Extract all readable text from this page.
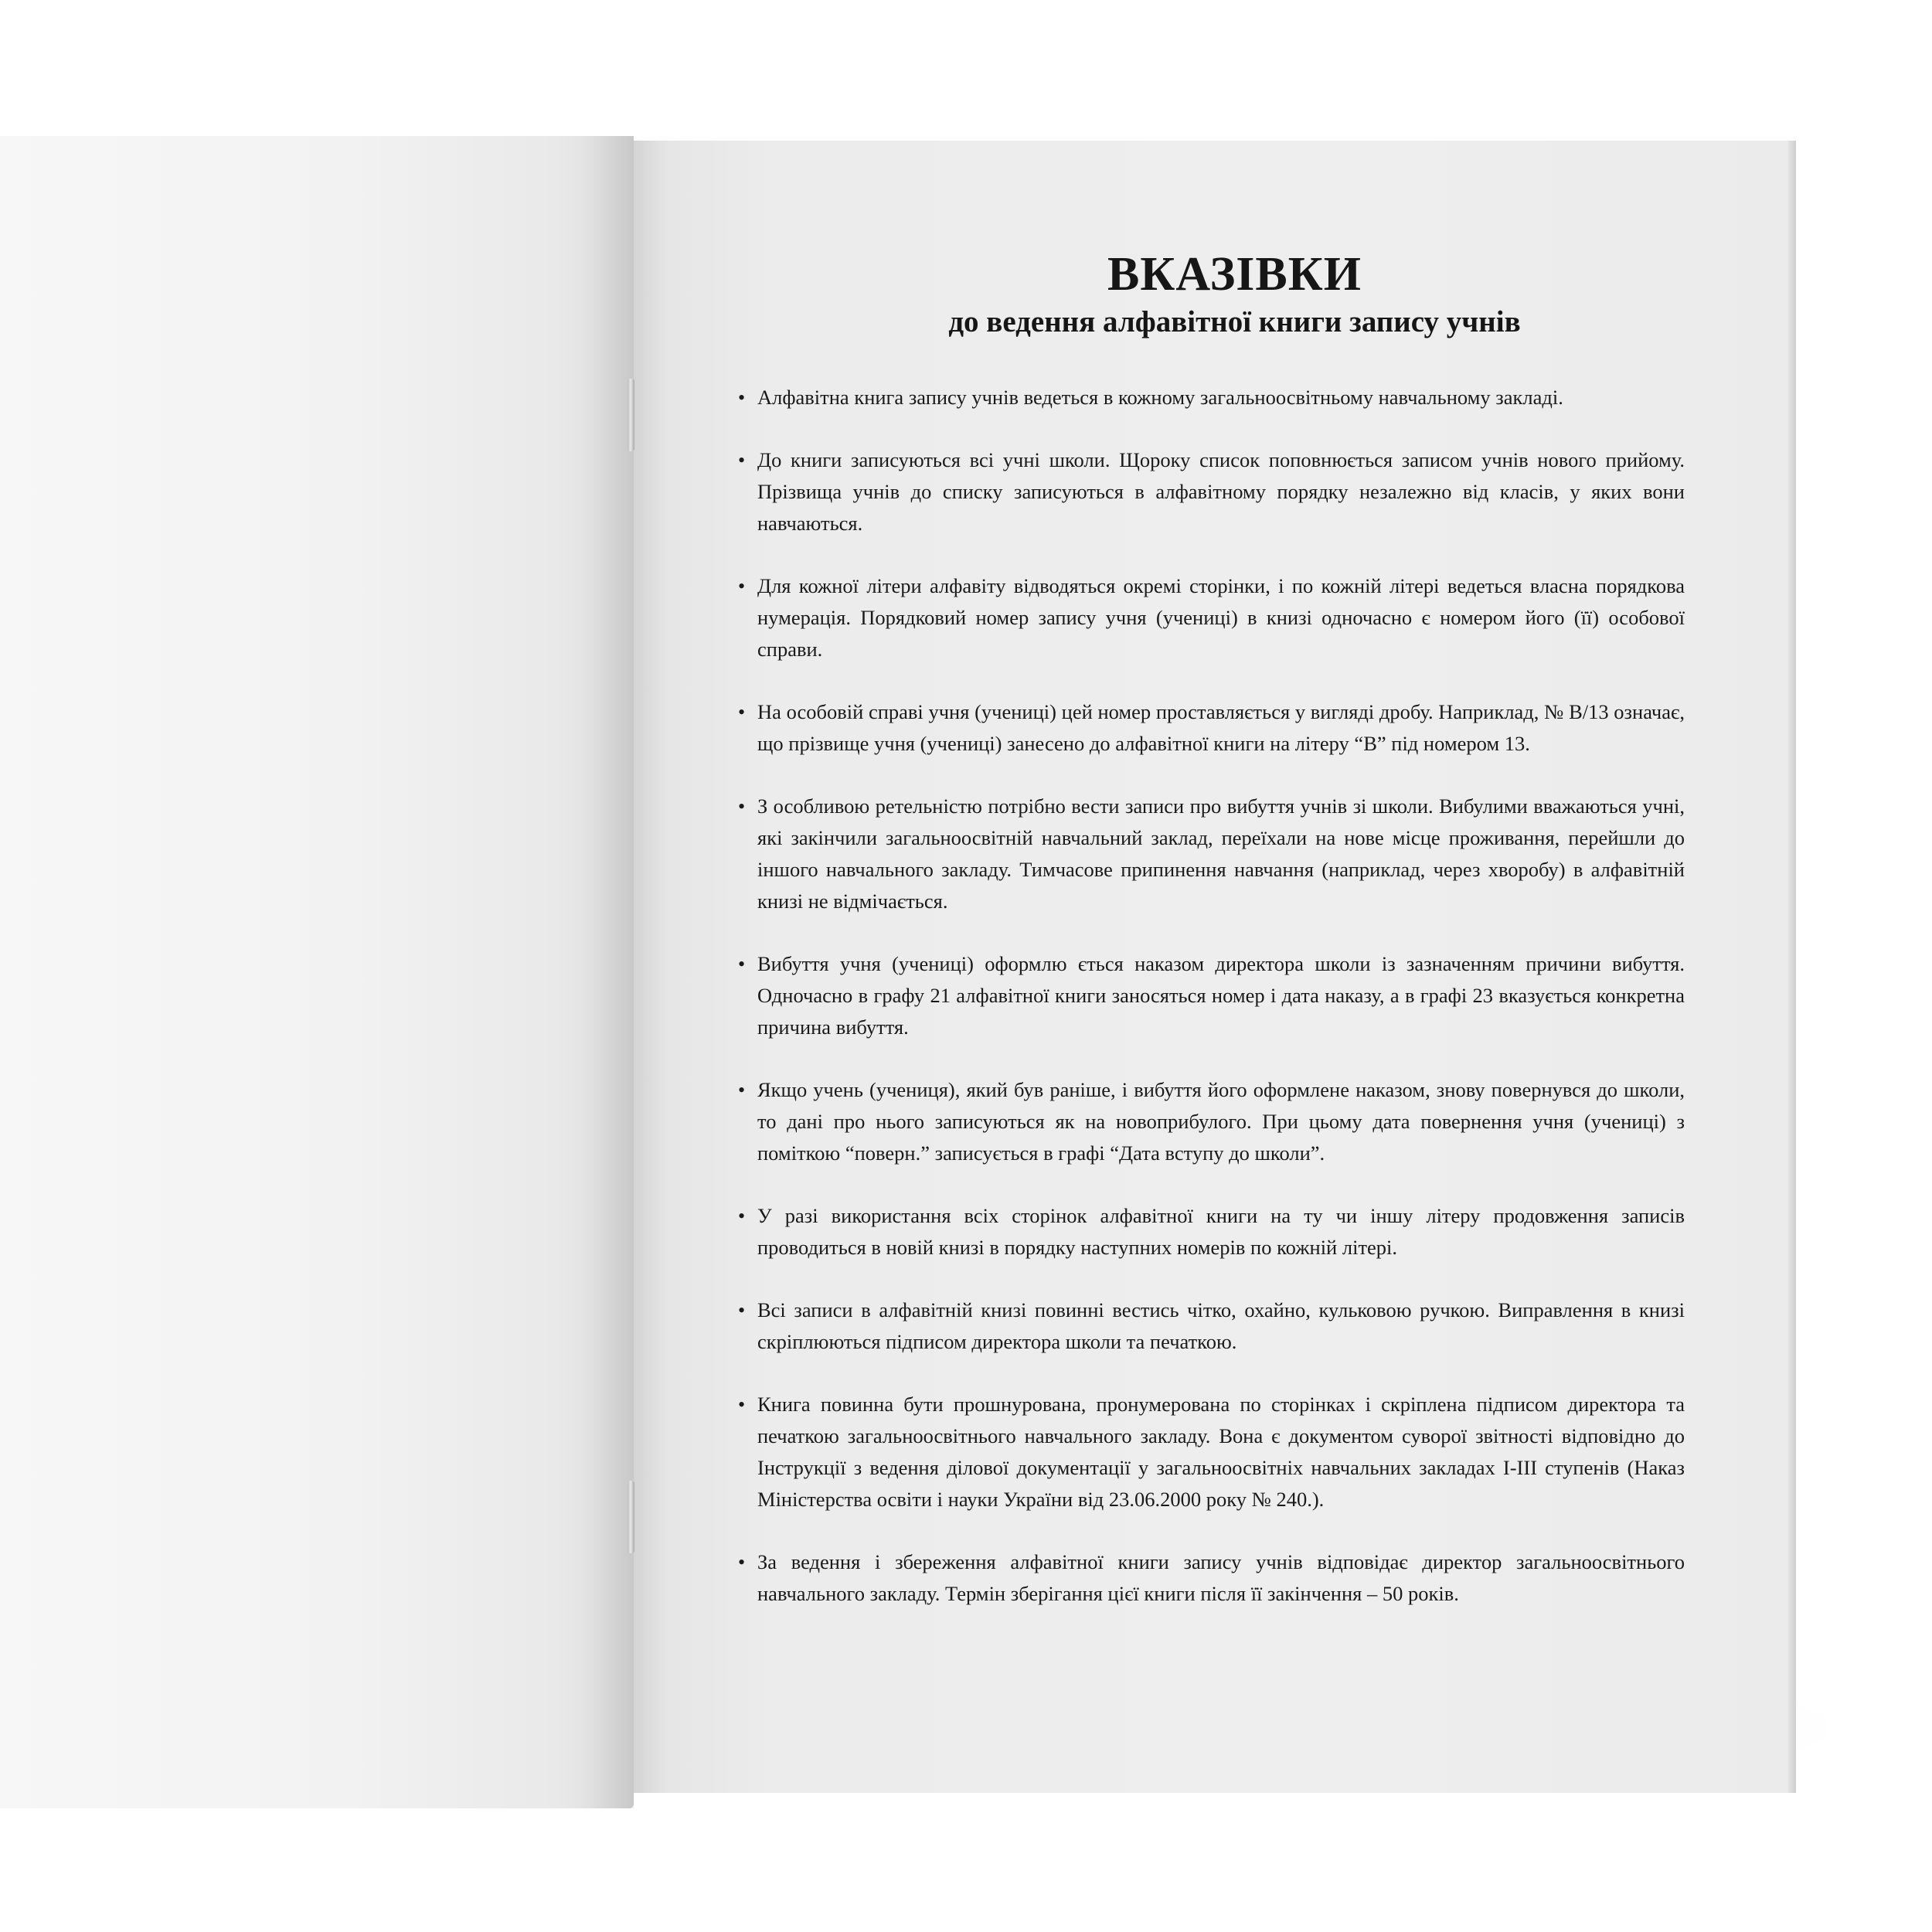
ВКАЗІВКИ
до ведення алфавітної книги запису учнів
• Алфавітна книга запису учнів ведеться в кожному загальноосвітньому навчальному закладі.
• До книги записуються всі учні школи. Щороку список поповнюється записом учнів нового прийому. Прізвища учнів до списку записуються в алфавітному порядку незалежно від класів, у яких вони навчаються.
• Для кожної літери алфавіту відводяться окремі сторінки, і по кожній літері ведеться власна порядкова нумерація. Порядковий номер запису учня (учениці) в книзі одночасно є номером його (її) особової справи.
• На особовій справі учня (учениці) цей номер проставляється у вигляді дробу. Наприклад, № В/13 означає, що прізвище учня (учениці) занесено до алфавітної книги на літеру “В” під номером 13.
• З особливою ретельністю потрібно вести записи про вибуття учнів зі школи. Вибулими вважаються учні, які закінчили загальноосвітній навчальний заклад, переїхали на нове місце проживання, перейшли до іншого навчального закладу. Тимчасове припинення навчання (наприклад, через хворобу) в алфавітній книзі не відмічається.
• Вибуття учня (учениці) оформлю ється наказом директора школи із зазначенням причини вибуття. Одночасно в графу 21 алфавітної книги заносяться номер і дата наказу, а в графі 23 вказується конкретна причина вибуття.
• Якщо учень (учениця), який був раніше, і вибуття його оформлене наказом, знову повернувся до школи, то дані про нього записуються як на новоприбулого. При цьому дата повернення учня (учениці) з поміткою “поверн.” записується в графі “Дата вступу до школи”.
• У разі використання всіх сторінок алфавітної книги на ту чи іншу літеру продовження записів проводиться в новій книзі в порядку наступних номерів по кожній літері.
• Всі записи в алфавітній книзі повинні вестись чітко, охайно, кульковою ручкою. Виправлення в книзі скріплюються підписом директора школи та печаткою.
• Книга повинна бути прошнурована, пронумерована по сторінках і скріплена підписом директора та печаткою загальноосвітнього навчального закладу. Вона є документом суворої звітності відповідно до Інструкції з ведення ділової документації у загальноосвітніх навчальних закладах І-ІІІ ступенів (Наказ Міністерства освіти і науки України від 23.06.2000 року № 240.).
• За ведення і збереження алфавітної книги запису учнів відповідає директор загальноосвітнього навчального закладу. Термін зберігання цієї книги після її закінчення – 50 років.
